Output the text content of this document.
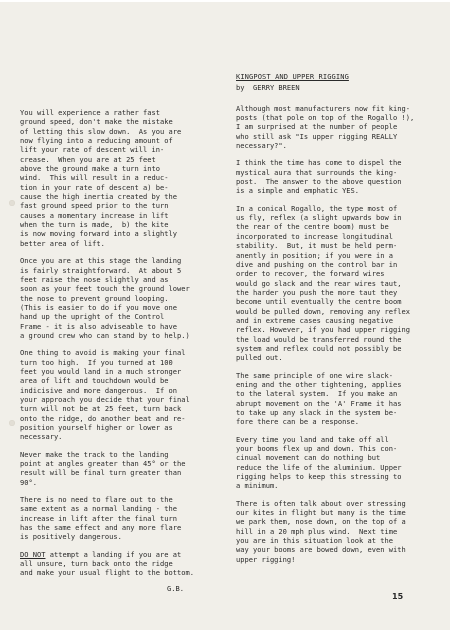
You will experience a rather fast
ground speed, don't make the mistake
of letting this slow down.  As you are
now flying into a reducing amount of
lift your rate of descent will in-
crease.  When you are at 25 feet
above the ground make a turn into
wind.  This will result in a reduc-
tion in your rate of descent a) be-
cause the high inertia created by the
fast ground speed prior to the turn
causes a momentary increase in lift
when the turn is made,  b) the kite
is now moving forward into a slightly
better area of lift.

Once you are at this stage the landing
is fairly straightforward.  At about 5
feet raise the nose slightly and as
soon as your feet touch the ground lower
the nose to prevent ground looping.
(This is easier to do if you move one
hand up the upright of the Control
Frame - it is also adviseable to have
a ground crew who can stand by to help.)

One thing to avoid is making your final
turn too high.  If you turned at 100
feet you would land in a much stronger
area of lift and touchdown would be
indicisive and more dangerous.  If on
your approach you decide that your final
turn will not be at 25 feet, turn back
onto the ridge, do another beat and re-
position yourself higher or lower as
necessary.

Never make the track to the landing
point at angles greater than 45° or the
result will be final turn greater than
90°.

There is no need to flare out to the
same extent as a normal landing - the
increase in lift after the final turn
has the same effect and any more flare
is positively dangerous.

DO NOT attempt a landing if you are at
all unsure, turn back onto the ridge
and make your usual flight to the bottom.

G.B.
KINGPOST AND UPPER RIGGING
by  GERRY BREEN

Although most manufacturers now fit king-
posts (that pole on top of the Rogallo !),
I am surprised at the number of people
who still ask "Is upper rigging REALLY
necessary?".

I think the time has come to dispel the
mystical aura that surrounds the king-
post.  The answer to the above question
is a simple and emphatic YES.

In a conical Rogallo, the type most of
us fly, reflex (a slight upwards bow in
the rear of the centre boom) must be
incorporated to increase longitudinal
stability.  But, it must be held perm-
anently in position; if you were in a
dive and pushing on the control bar in
order to recover, the forward wires
would go slack and the rear wires taut,
the harder you push the more taut they
become until eventually the centre boom
would be pulled down, removing any reflex
and in extreme cases causing negative
reflex. However, if you had upper rigging
the load would be transferred round the
system and reflex could not possibly be
pulled out.

The same principle of one wire slack-
ening and the other tightening, applies
to the lateral system.  If you make an
abrupt movement on the 'A' Frame it has
to take up any slack in the system be-
fore there can be a response.

Every time you land and take off all
your booms flex up and down. This con-
cinual movement can do nothing but
reduce the life of the aluminium. Upper
rigging helps to keep this stressing to
a minimum.

There is often talk about over stressing
our kites in flight but many is the time
we park them, nose down, on the top of a
hill in a 20 mph plus wind.  Next time
you are in this situation look at the
way your booms are bowed down, even with
upper rigging!

15
